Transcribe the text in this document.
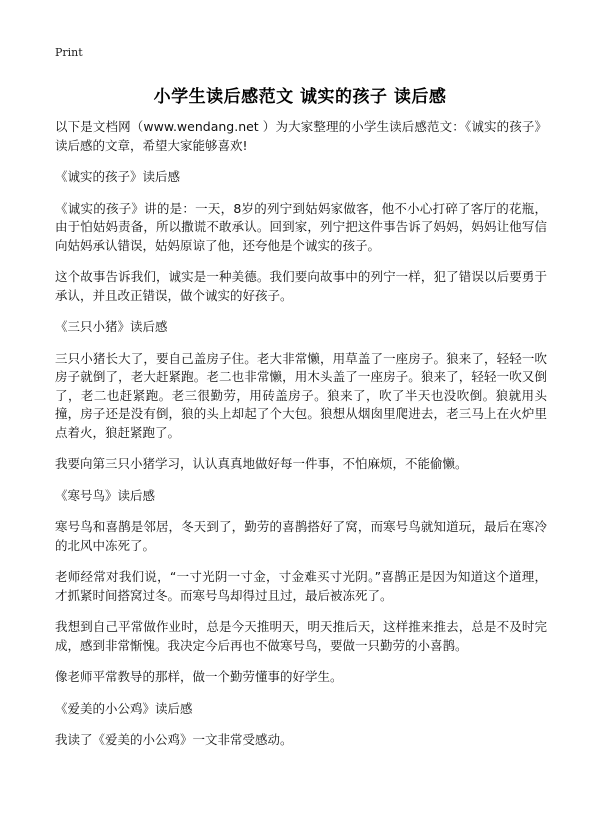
Print
小学生读后感范文 诚实的孩子 读后感

以下是文档网（www.wendang.net ）为大家整理的小学生读后感范文：《诚实的孩子》读后感的文章，希望大家能够喜欢!

《诚实的孩子》读后感

《诚实的孩子》讲的是：一天，8岁的列宁到姑妈家做客，他不小心打碎了客厅的花瓶，由于怕姑妈责备，所以撒谎不敢承认。回到家，列宁把这件事告诉了妈妈，妈妈让他写信向姑妈承认错误，姑妈原谅了他，还夸他是个诚实的孩子。

这个故事告诉我们，诚实是一种美德。我们要向故事中的列宁一样，犯了错误以后要勇于承认，并且改正错误，做个诚实的好孩子。

《三只小猪》读后感

三只小猪长大了，要自己盖房子住。老大非常懒，用草盖了一座房子。狼来了，轻轻一吹房子就倒了，老大赶紧跑。老二也非常懒，用木头盖了一座房子。狼来了，轻轻一吹又倒了，老二也赶紧跑。老三很勤劳，用砖盖房子。狼来了，吹了半天也没吹倒。狼就用头撞，房子还是没有倒，狼的头上却起了个大包。狼想从烟囱里爬进去，老三马上在火炉里点着火，狼赶紧跑了。

我要向第三只小猪学习，认认真真地做好每一件事，不怕麻烦，不能偷懒。

《寒号鸟》读后感

寒号鸟和喜鹊是邻居，冬天到了，勤劳的喜鹊搭好了窝，而寒号鸟就知道玩，最后在寒冷的北风中冻死了。

老师经常对我们说，“一寸光阴一寸金，寸金难买寸光阴。”喜鹊正是因为知道这个道理，才抓紧时间搭窝过冬。而寒号鸟却得过且过，最后被冻死了。

我想到自己平常做作业时，总是今天推明天，明天推后天，这样推来推去，总是不及时完成，感到非常惭愧。我决定今后再也不做寒号鸟，要做一只勤劳的小喜鹊。

像老师平常教导的那样，做一个勤劳懂事的好学生。

《爱美的小公鸡》读后感

我读了《爱美的小公鸡》一文非常受感动。
